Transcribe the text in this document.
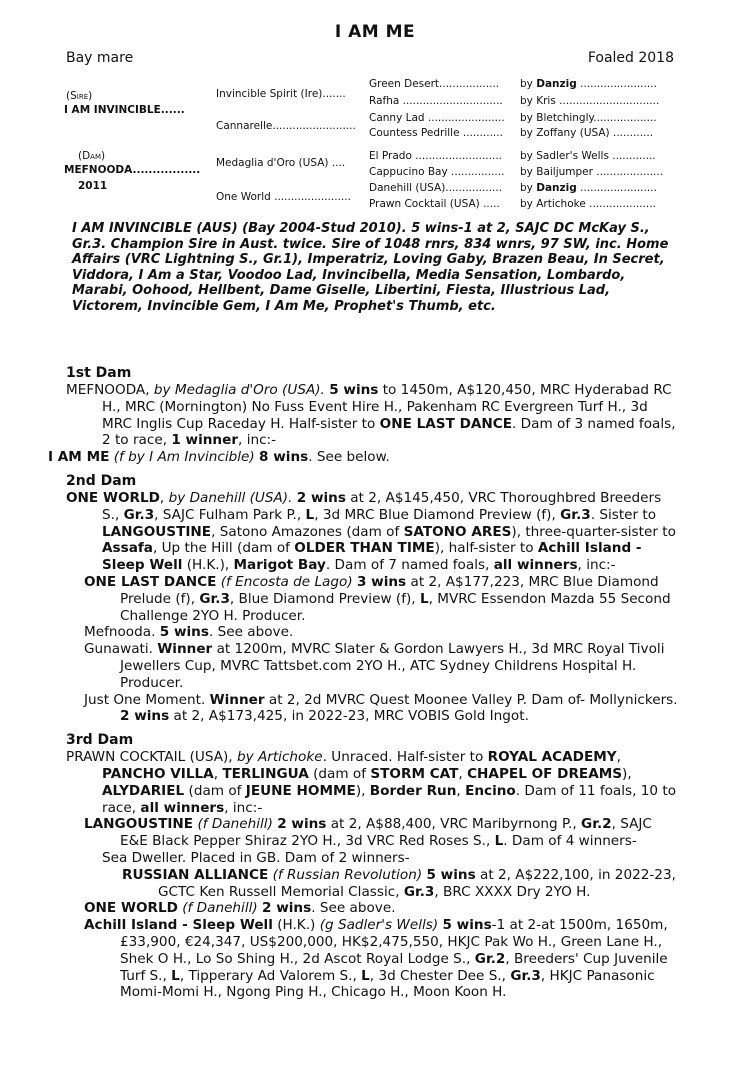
I AM ME
Bay mare	Foaled 2018
(Sire)
I AM INVINCIBLE......
(Dam)
MEFNOODA.................
2011
Invincible Spirit (Ire).......
Cannarelle.........................
Medaglia d'Oro (USA) ....
One World .......................
Green Desert..................
Rafha ..............................
Canny Lad .......................
Countess Pedrille ............
El Prado ..........................
Cappucino Bay ................
Danehill (USA).................
Prawn Cocktail (USA) .....
by Danzig .......................
by Kris ..............................
by Bletchingly...................
by Zoffany (USA) ............
by Sadler's Wells .............
by Bailjumper ....................
by Danzig .......................
by Artichoke ....................
I AM INVINCIBLE (AUS) (Bay 2004-Stud 2010). 5 wins-1 at 2, SAJC DC McKay S., Gr.3. Champion Sire in Aust. twice. Sire of 1048 rnrs, 834 wnrs, 97 SW, inc. Home Affairs (VRC Lightning S., Gr.1), Imperatriz, Loving Gaby, Brazen Beau, In Secret, Viddora, I Am a Star, Voodoo Lad, Invincibella, Media Sensation, Lombardo, Marabi, Oohood, Hellbent, Dame Giselle, Libertini, Fiesta, Illustrious Lad, Victorem, Invincible Gem, I Am Me, Prophet's Thumb, etc.
1st Dam

MEFNOODA, by Medaglia d'Oro (USA). 5 wins to 1450m, A$120,450, MRC Hyderabad RC H., MRC (Mornington) No Fuss Event Hire H., Pakenham RC Evergreen Turf H., 3d MRC Inglis Cup Raceday H. Half-sister to ONE LAST DANCE. Dam of 3 named foals, 2 to race, 1 winner, inc:-

I AM ME (f by I Am Invincible) 8 wins. See below.

2nd Dam

ONE WORLD, by Danehill (USA). 2 wins at 2, A$145,450, VRC Thoroughbred Breeders S., Gr.3, SAJC Fulham Park P., L, 3d MRC Blue Diamond Preview (f), Gr.3. Sister to LANGOUSTINE, Satono Amazones (dam of SATONO ARES), three-quarter-sister to Assafa, Up the Hill (dam of OLDER THAN TIME), half-sister to Achill Island - Sleep Well (H.K.), Marigot Bay. Dam of 7 named foals, all winners, inc:-

ONE LAST DANCE (f Encosta de Lago) 3 wins at 2, A$177,223, MRC Blue Diamond Prelude (f), Gr.3, Blue Diamond Preview (f), L, MVRC Essendon Mazda 55 Second Challenge 2YO H. Producer.

Mefnooda. 5 wins. See above.

Gunawati. Winner at 1200m, MVRC Slater & Gordon Lawyers H., 3d MRC Royal Tivoli Jewellers Cup, MVRC Tattsbet.com 2YO H., ATC Sydney Childrens Hospital H. Producer.

Just One Moment. Winner at 2, 2d MVRC Quest Moonee Valley P. Dam of- Mollynickers. 2 wins at 2, A$173,425, in 2022-23, MRC VOBIS Gold Ingot.

3rd Dam

PRAWN COCKTAIL (USA), by Artichoke. Unraced. Half-sister to ROYAL ACADEMY, PANCHO VILLA, TERLINGUA (dam of STORM CAT, CHAPEL OF DREAMS), ALYDARIEL (dam of JEUNE HOMME), Border Run, Encino. Dam of 11 foals, 10 to race, all winners, inc:-

LANGOUSTINE (f Danehill) 2 wins at 2, A$88,400, VRC Maribyrnong P., Gr.2, SAJC E&E Black Pepper Shiraz 2YO H., 3d VRC Red Roses S., L. Dam of 4 winners-

Sea Dweller. Placed in GB. Dam of 2 winners-

RUSSIAN ALLIANCE (f Russian Revolution) 5 wins at 2, A$222,100, in 2022-23, GCTC Ken Russell Memorial Classic, Gr.3, BRC XXXX Dry 2YO H.

ONE WORLD (f Danehill) 2 wins. See above.

Achill Island - Sleep Well (H.K.) (g Sadler's Wells) 5 wins-1 at 2-at 1500m, 1650m, £33,900, €24,347, US$200,000, HK$2,475,550, HKJC Pak Wo H., Green Lane H., Shek O H., Lo So Shing H., 2d Ascot Royal Lodge S., Gr.2, Breeders' Cup Juvenile Turf S., L, Tipperary Ad Valorem S., L, 3d Chester Dee S., Gr.3, HKJC Panasonic Momi-Momi H., Ngong Ping H., Chicago H., Moon Koon H.
